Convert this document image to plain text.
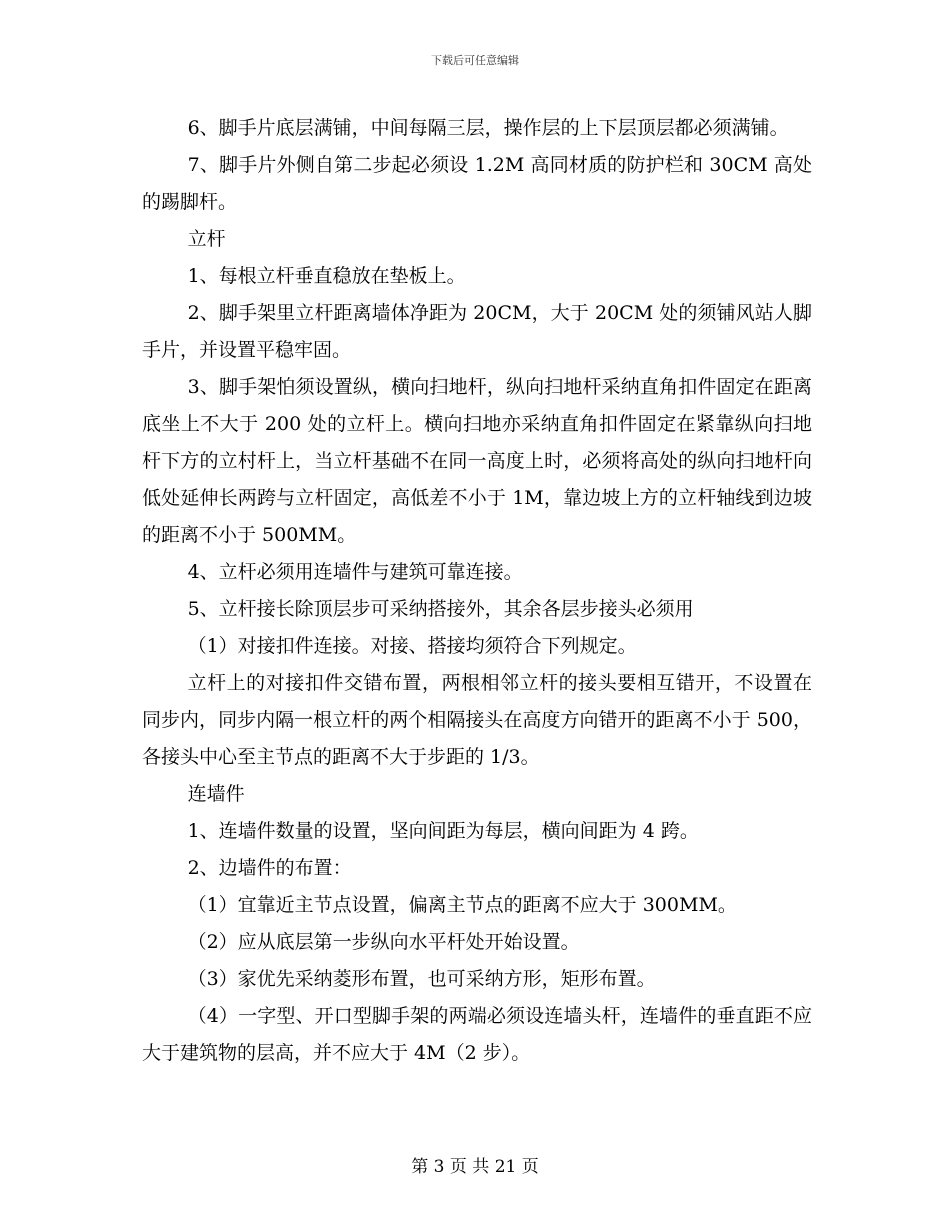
下载后可任意编辑

6、脚手片底层满铺，中间每隔三层，操作层的上下层顶层都必须满铺。

7、脚手片外侧自第二步起必须设 1.2M 高同材质的防护栏和 30CM 高处的踢脚杆。

立杆

1、每根立杆垂直稳放在垫板上。

2、脚手架里立杆距离墙体净距为 20CM，大于 20CM 处的须铺风站人脚手片，并设置平稳牢固。

3、脚手架怕须设置纵，横向扫地杆，纵向扫地杆采纳直角扣件固定在距离底坐上不大于 200 处的立杆上。横向扫地亦采纳直角扣件固定在紧靠纵向扫地杆下方的立村杆上，当立杆基础不在同一高度上时，必须将高处的纵向扫地杆向低处延伸长两跨与立杆固定，高低差不小于 1M，靠边坡上方的立杆轴线到边坡的距离不小于 500MM。

4、立杆必须用连墙件与建筑可靠连接。

5、立杆接长除顶层步可采纳搭接外，其余各层步接头必须用

（1）对接扣件连接。对接、搭接均须符合下列规定。

立杆上的对接扣件交错布置，两根相邻立杆的接头要相互错开，不设置在同步内，同步内隔一根立杆的两个相隔接头在高度方向错开的距离不小于 500，各接头中心至主节点的距离不大于步距的 1/3。

连墙件

1、连墙件数量的设置，坚向间距为每层，横向间距为 4 跨。

2、边墙件的布置：

（1）宜靠近主节点设置，偏离主节点的距离不应大于 300MM。

（2）应从底层第一步纵向水平杆处开始设置。

（3）家优先采纳菱形布置，也可采纳方形，矩形布置。

（4）一字型、开口型脚手架的两端必须设连墙头杆，连墙件的垂直距不应大于建筑物的层高，并不应大于 4M（2 步）。

第 3 页 共 21 页
